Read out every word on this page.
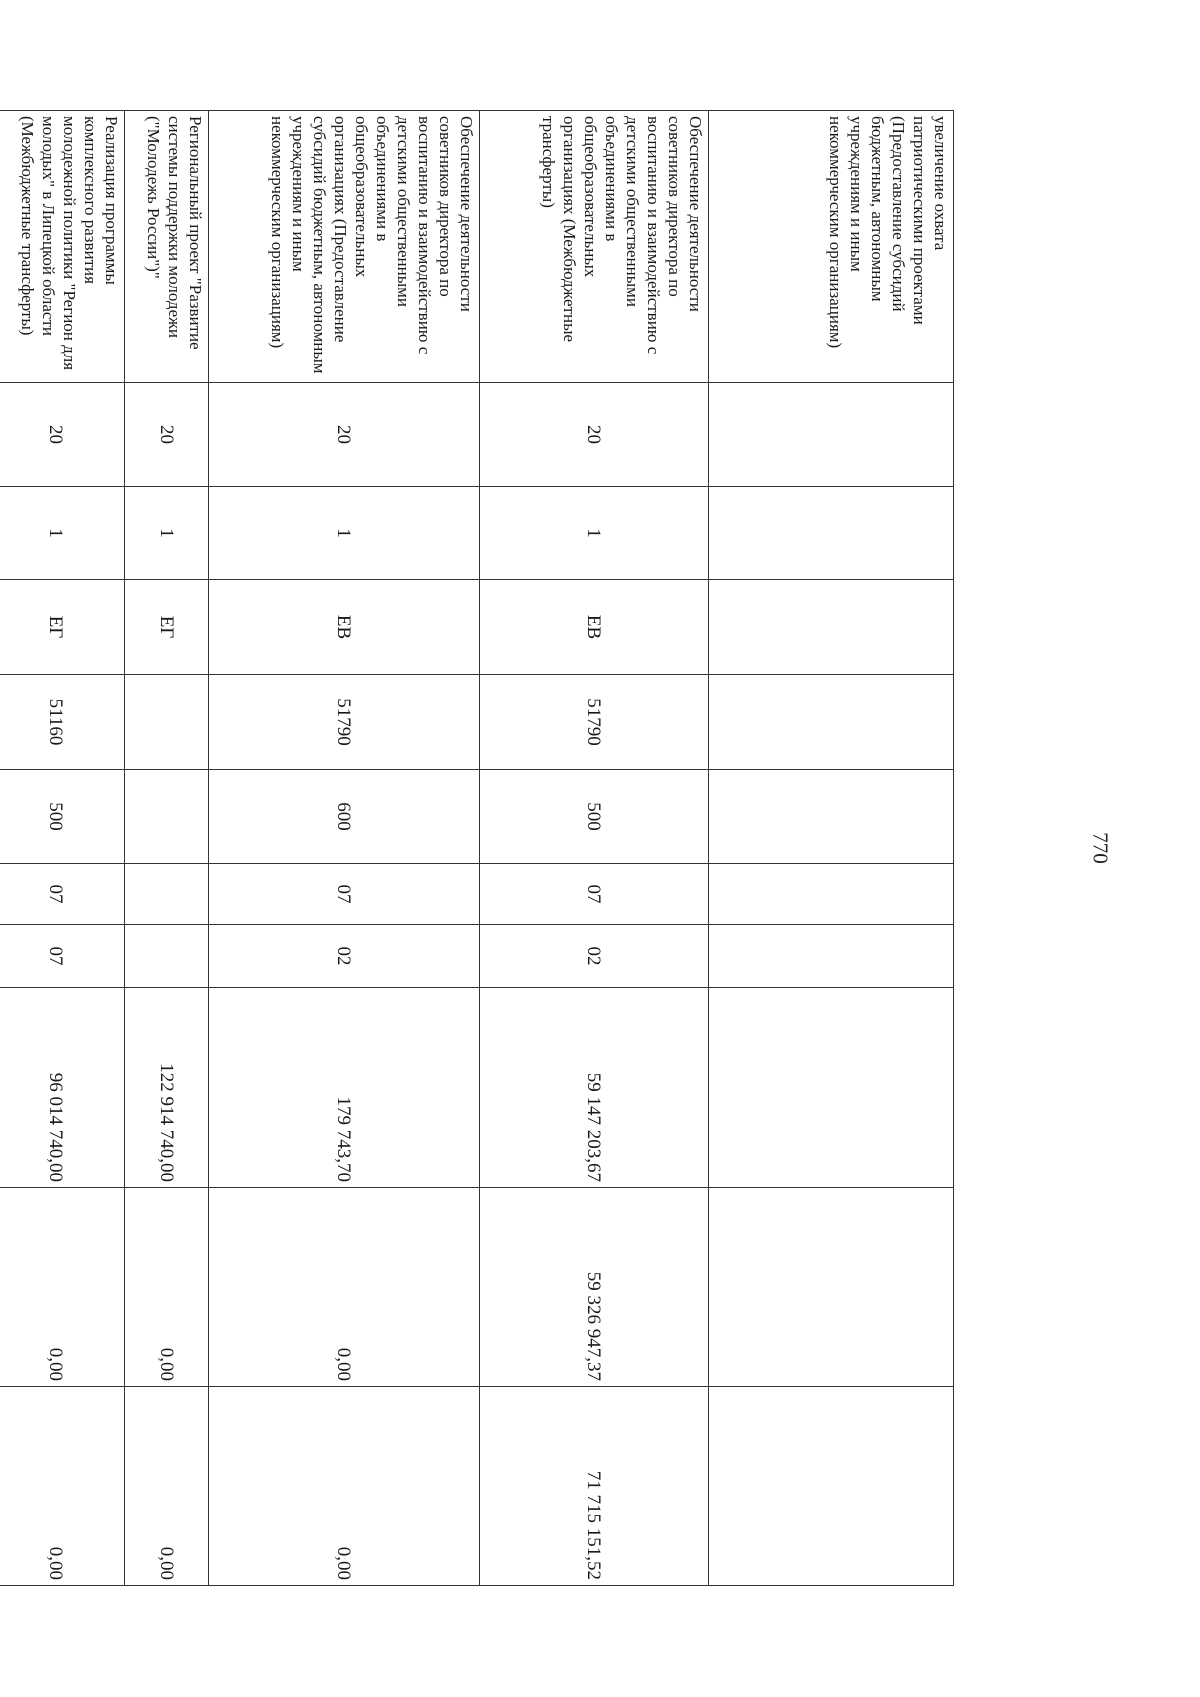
770
увеличение охвата патриотическими проектами (Предоставление субсидий бюджетным, автономным учреждениям и иным некоммерческим организациям)										
Обеспечение деятельности советников директора по воспитанию и взаимодействию с детскими общественными объединениями в общеобразовательных организациях (Межбюджетные трансферты)	20	1	ЕВ	51790	500	07	02	59 147 203,67	59 326 947,37	71 715 151,52
Обеспечение деятельности советников директора по воспитанию и взаимодействию с детскими общественными объединениями в общеобразовательных организациях (Предоставление субсидий бюджетным, автономным учреждениям и иным некоммерческим организациям)	20	1	ЕВ	51790	600	07	02	179 743,70	0,00	0,00
Региональный проект "Развитие системы поддержки молодежи ("Молодежь России")"	20	1	ЕГ					122 914 740,00	0,00	0,00
Реализация программы комплексного развития молодежной политики "Регион для молодых" в Липецкой области (Межбюджетные трансферты)	20	1	ЕГ	51160	500	07	07	96 014 740,00	0,00	0,00
